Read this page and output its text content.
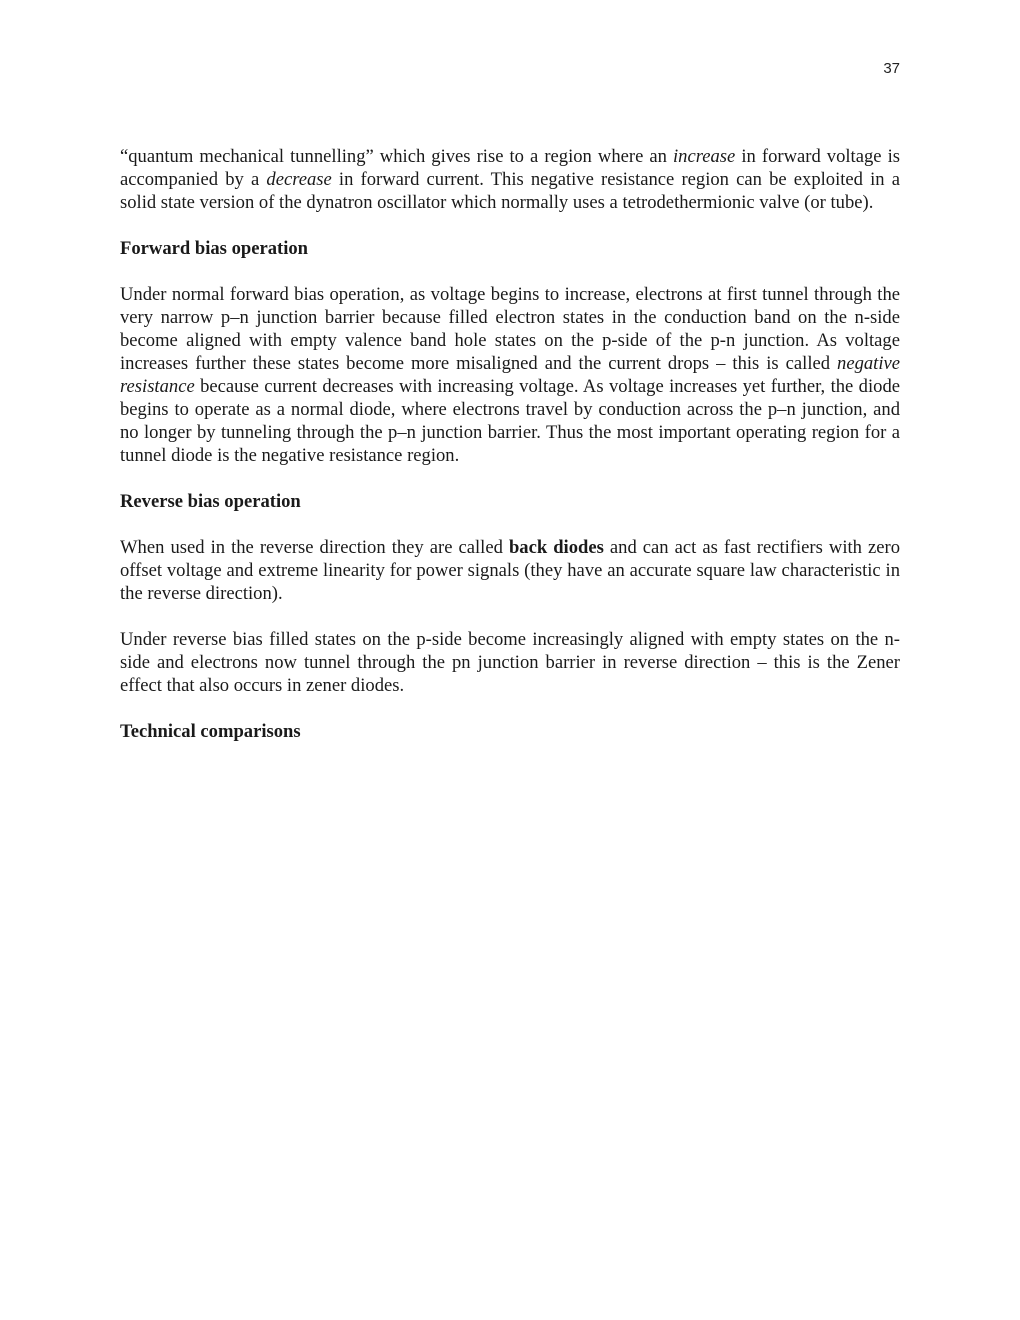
37

“quantum mechanical tunnelling” which gives rise to a region where an increase in forward voltage is accompanied by a decrease in forward current. This negative resistance region can be exploited in a solid state version of the dynatron oscillator which normally uses a tetrodethermionic valve (or tube).

Forward bias operation

Under normal forward bias operation, as voltage begins to increase, electrons at first tunnel through the very narrow p–n junction barrier because filled electron states in the conduction band on the n-side become aligned with empty valence band hole states on the p-side of the p-n junction. As voltage increases further these states become more misaligned and the current drops – this is called negative resistance because current decreases with increasing voltage. As voltage increases yet further, the diode begins to operate as a normal diode, where electrons travel by conduction across the p–n junction, and no longer by tunneling through the p–n junction barrier. Thus the most important operating region for a tunnel diode is the negative resistance region.

Reverse bias operation

When used in the reverse direction they are called back diodes and can act as fast rectifiers with zero offset voltage and extreme linearity for power signals (they have an accurate square law characteristic in the reverse direction).

Under reverse bias filled states on the p-side become increasingly aligned with empty states on the n-side and electrons now tunnel through the pn junction barrier in reverse direction – this is the Zener effect that also occurs in zener diodes.

Technical comparisons
